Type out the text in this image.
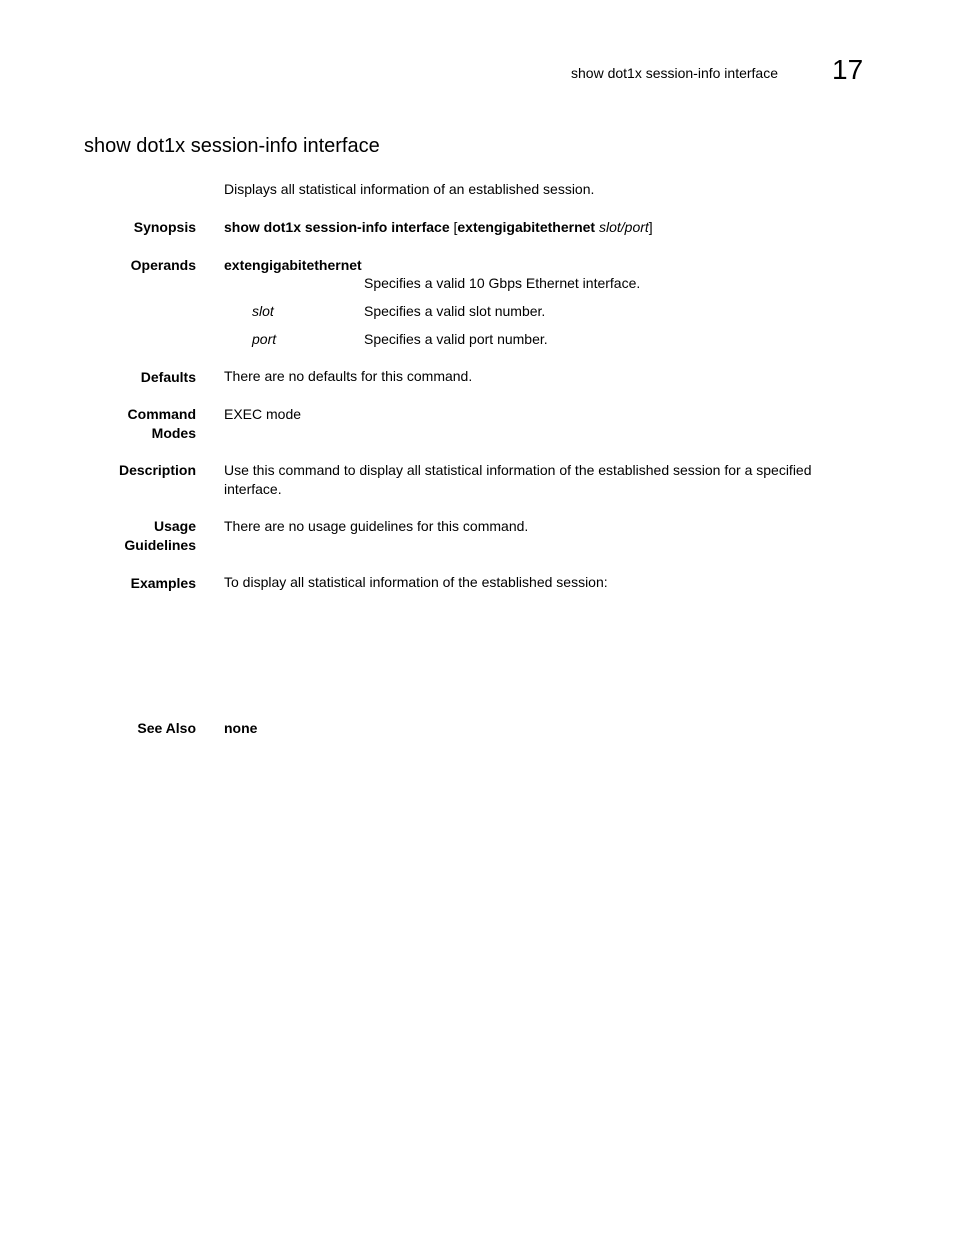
show dot1x session-info interface 17
show dot1x session-info interface
Displays all statistical information of an established session.
Synopsis show dot1x session-info interface [extengigabitethernet slot/port]
Operands extengigabitethernet
Specifies a valid 10 Gbps Ethernet interface.
slot	Specifies a valid slot number.
port	Specifies a valid port number.
Defaults There are no defaults for this command.
Command
Modes
EXEC mode
Description Use this command to display all statistical information of the established session for a specified
interface.
Usage
Guidelines
There are no usage guidelines for this command.
Examples To display all statistical information of the established session:
See Also none
